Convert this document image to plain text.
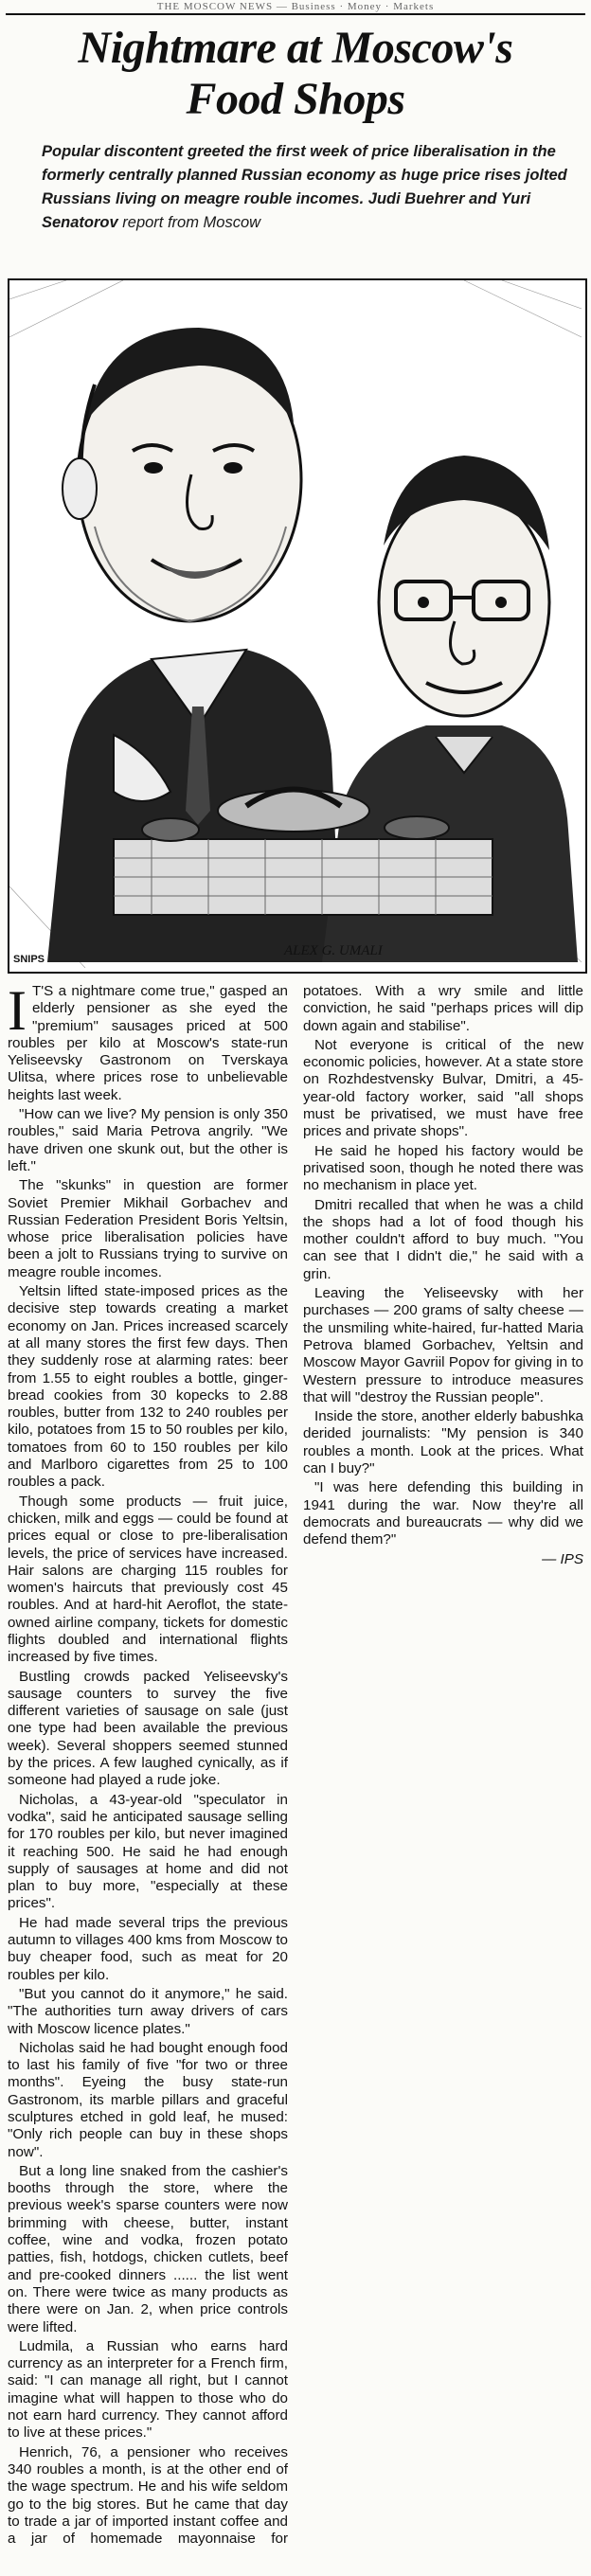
THE MOSCOW NEWS — Business · Money · Markets
Nightmare at Moscow's
Food Shops
Popular discontent greeted the first week of price liberalisation in the formerly centrally planned Russian economy as huge price rises jolted Russians living on meagre rouble incomes. Judi Buehrer and Yuri Senatorov report from Moscow
ALEX G. UMALI
SNIPS

I T'S a nightmare come true," gasped an elderly pensioner as she eyed the "premium" sausages priced at 500 roubles per kilo at Moscow's state-run Yeliseevsky Gastronom on Tverskaya Ulitsa, where prices rose to unbelievable heights last week.

"How can we live? My pension is only 350 roubles," said Maria Petrova angrily. "We have driven one skunk out, but the other is left."

The "skunks" in question are former Soviet Premier Mikhail Gorbachev and Russian Federation President Boris Yeltsin, whose price liberalisation policies have been a jolt to Russians trying to survive on meagre rouble incomes.

Yeltsin lifted state-imposed prices as the decisive step towards creating a market economy on Jan. Prices increased scarcely at all many stores the first few days. Then they suddenly rose at alarming rates: beer from 1.55 to eight roubles a bottle, ginger-bread cookies from 30 kopecks to 2.88 roubles, butter from 132 to 240 roubles per kilo, potatoes from 15 to 50 roubles per kilo, tomatoes from 60 to 150 roubles per kilo and Marlboro cigarettes from 25 to 100 roubles a pack.

Though some products — fruit juice, chicken, milk and eggs — could be found at prices equal or close to pre-liberalisation levels, the price of services have increased. Hair salons are charging 115 roubles for women's haircuts that previously cost 45 roubles. And at hard-hit Aeroflot, the state-owned airline company, tickets for domestic flights doubled and international flights increased by five times.

Bustling crowds packed Yeliseevsky's sausage counters to survey the five different varieties of sausage on sale (just one type had been available the previous week). Several shoppers seemed stunned by the prices. A few laughed cynically, as if someone had played a rude joke.

Nicholas, a 43-year-old "speculator in vodka", said he anticipated sausage selling for 170 roubles per kilo, but never imagined it reaching 500. He said he had enough supply of sausages at home and did not plan to buy more, "especially at these prices".

He had made several trips the previous autumn to villages 400 kms from Moscow to buy cheaper food, such as meat for 20 roubles per kilo.

"But you cannot do it anymore," he said. "The authorities turn away drivers of cars with Moscow licence plates."

Nicholas said he had bought enough food to last his family of five "for two or three months". Eyeing the busy state-run Gastronom, its marble pillars and graceful sculptures etched in gold leaf, he mused: "Only rich people can buy in these shops now".

But a long line snaked from the cashier's booths through the store, where the previous week's sparse counters were now brimming with cheese, butter, instant coffee, wine and vodka, frozen potato patties, fish, hotdogs, chicken cutlets, beef and pre-cooked dinners ...... the list went on. There were twice as many products as there were on Jan. 2, when price controls were lifted.

Ludmila, a Russian who earns hard currency as an interpreter for a French firm, said: "I can manage all right, but I cannot imagine what will happen to those who do not earn hard currency. They cannot afford to live at these prices."

Henrich, 76, a pensioner who receives 340 roubles a month, is at the other end of the wage spectrum. He and his wife seldom go to the big stores. But he came that day to trade a jar of imported instant coffee and a jar of homemade mayonnaise for potatoes. With a wry smile and little conviction, he said "perhaps prices will dip down again and stabilise".

Not everyone is critical of the new economic policies, however. At a state store on Rozhdestvensky Bulvar, Dmitri, a 45-year-old factory worker, said "all shops must be privatised, we must have free prices and private shops".

He said he hoped his factory would be privatised soon, though he noted there was no mechanism in place yet.

Dmitri recalled that when he was a child the shops had a lot of food though his mother couldn't afford to buy much. "You can see that I didn't die," he said with a grin.

Leaving the Yeliseevsky with her purchases — 200 grams of salty cheese — the unsmiling white-haired, fur-hatted Maria Petrova blamed Gorbachev, Yeltsin and Moscow Mayor Gavriil Popov for giving in to Western pressure to introduce measures that will "destroy the Russian people".

Inside the store, another elderly babushka derided journalists: "My pension is 340 roubles a month. Look at the prices. What can I buy?"

"I was here defending this building in 1941 during the war. Now they're all democrats and bureaucrats — why did we defend them?"

— IPS
